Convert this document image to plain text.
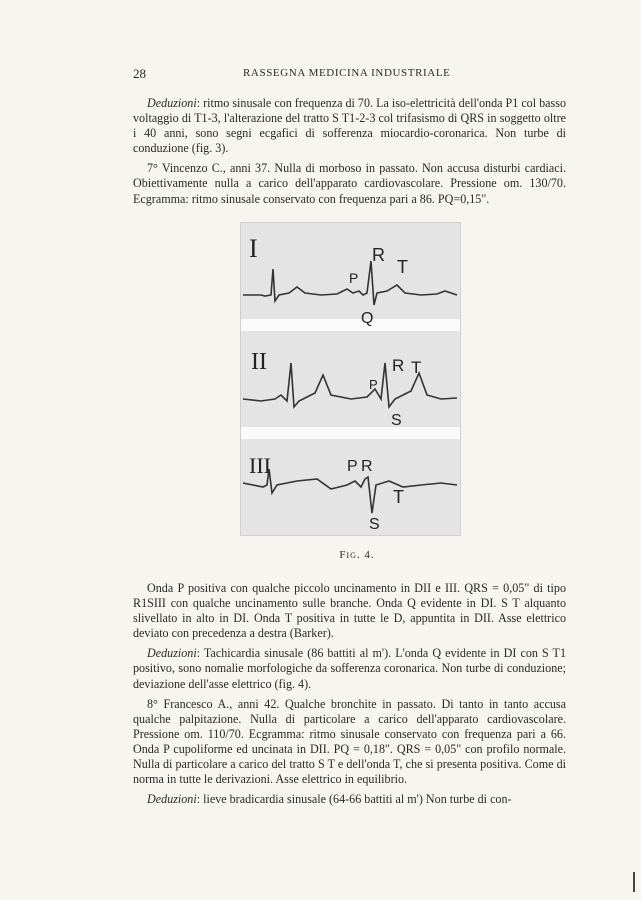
28	RASSEGNA MEDICINA INDUSTRIALE

Deduzioni: ritmo sinusale con frequenza di 70. La iso-elettricità dell'onda P1 col basso voltaggio di T1-3, l'alterazione del tratto S T1-2-3 col trifasismo di QRS in soggetto oltre i 40 anni, sono segni ecgafici di sofferenza miocardio-coronarica. Non turbe di conduzione (fig. 3).

7° Vincenzo C., anni 37. Nulla di morboso in passato. Non accusa disturbi cardiaci. Obiettivamente nulla a carico dell'apparato cardiovascolare. Pressione om. 130/70. Ecgramma: ritmo sinusale conservato con frequenza pari a 86. PQ=0,15".

I
II
III
P
R
T
Q
P
R T
S
P R
T
S
Fig. 4.

Onda P positiva con qualche piccolo uncinamento in DII e III. QRS = 0,05" di tipo R1SIII con qualche uncinamento sulle branche. Onda Q evidente in DI. S T alquanto slivellato in alto in DI. Onda T positiva in tutte le D, appuntita in DII. Asse elettrico deviato con precedenza a destra (Barker).

Deduzioni: Tachicardia sinusale (86 battiti al m'). L'onda Q evidente in DI con S T1 positivo, sono nomalie morfologiche da sofferenza coronarica. Non turbe di conduzione; deviazione dell'asse elettrico (fig. 4).

8° Francesco A., anni 42. Qualche bronchite in passato. Di tanto in tanto accusa qualche palpitazione. Nulla di particolare a carico dell'apparato cardiovascolare. Pressione om. 110/70. Ecgramma: ritmo sinusale conservato con frequenza pari a 66. Onda P cupoliforme ed uncinata in DII. PQ = 0,18". QRS = 0,05" con profilo normale. Nulla di particolare a carico del tratto S T e dell'onda T, che si presenta positiva. Come di norma in tutte le derivazioni. Asse elettrico in equilibrio.

Deduzioni: lieve bradicardia sinusale (64-66 battiti al m') Non turbe di con-
